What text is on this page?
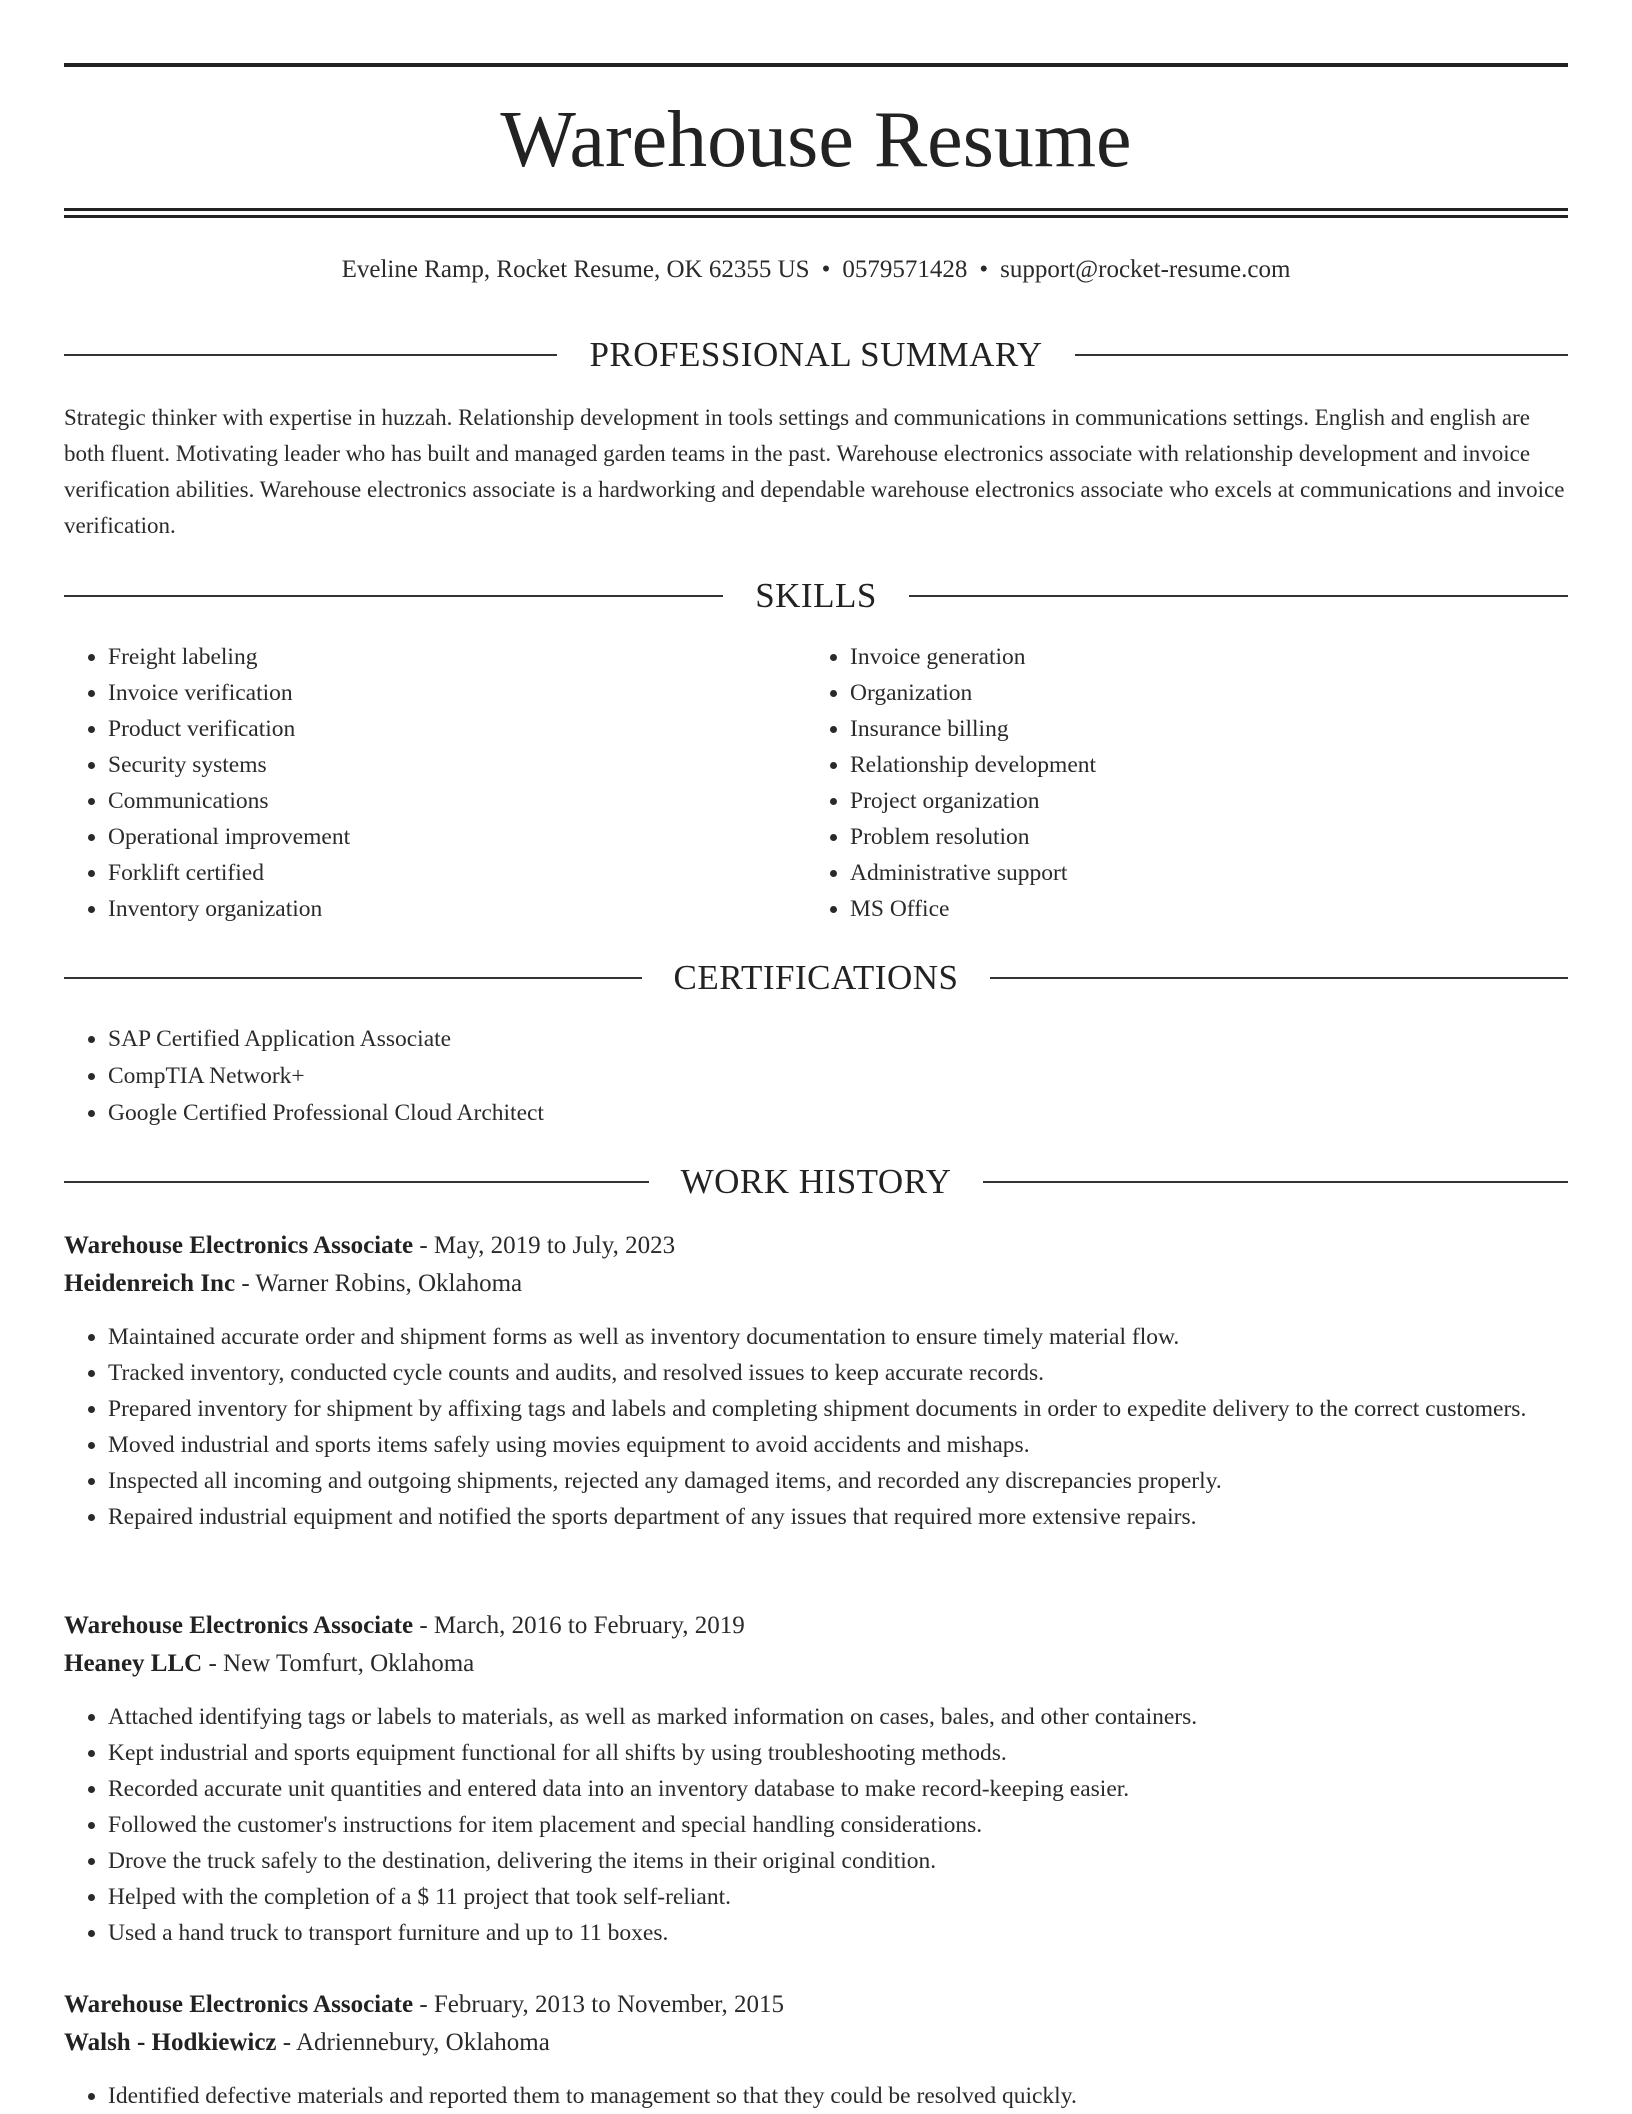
Warehouse Resume
Eveline Ramp, Rocket Resume, OK 62355 US • 0579571428 • support@rocket-resume.com
PROFESSIONAL SUMMARY

Strategic thinker with expertise in huzzah. Relationship development in tools settings and communications in communications settings. English and english are both fluent. Motivating leader who has built and managed garden teams in the past. Warehouse electronics associate with relationship development and invoice verification abilities. Warehouse electronics associate is a hardworking and dependable warehouse electronics associate who excels at communications and invoice verification.

SKILLS
• Freight labeling
• Invoice verification
• Product verification
• Security systems
• Communications
• Operational improvement
• Forklift certified
• Inventory organization
• Invoice generation
• Organization
• Insurance billing
• Relationship development
• Project organization
• Problem resolution
• Administrative support
• MS Office
CERTIFICATIONS
• SAP Certified Application Associate
• CompTIA Network+
• Google Certified Professional Cloud Architect
WORK HISTORY
Warehouse Electronics Associate - May, 2019 to July, 2023
Heidenreich Inc - Warner Robins, Oklahoma
• Maintained accurate order and shipment forms as well as inventory documentation to ensure timely material flow.
• Tracked inventory, conducted cycle counts and audits, and resolved issues to keep accurate records.
• Prepared inventory for shipment by affixing tags and labels and completing shipment documents in order to expedite delivery to the correct customers.
• Moved industrial and sports items safely using movies equipment to avoid accidents and mishaps.
• Inspected all incoming and outgoing shipments, rejected any damaged items, and recorded any discrepancies properly.
• Repaired industrial equipment and notified the sports department of any issues that required more extensive repairs.
Warehouse Electronics Associate - March, 2016 to February, 2019
Heaney LLC - New Tomfurt, Oklahoma
• Attached identifying tags or labels to materials, as well as marked information on cases, bales, and other containers.
• Kept industrial and sports equipment functional for all shifts by using troubleshooting methods.
• Recorded accurate unit quantities and entered data into an inventory database to make record-keeping easier.
• Followed the customer's instructions for item placement and special handling considerations.
• Drove the truck safely to the destination, delivering the items in their original condition.
• Helped with the completion of a $ 11 project that took self-reliant.
• Used a hand truck to transport furniture and up to 11 boxes.
Warehouse Electronics Associate - February, 2013 to November, 2015
Walsh - Hodkiewicz - Adriennebury, Oklahoma
• Identified defective materials and reported them to management so that they could be resolved quickly.
